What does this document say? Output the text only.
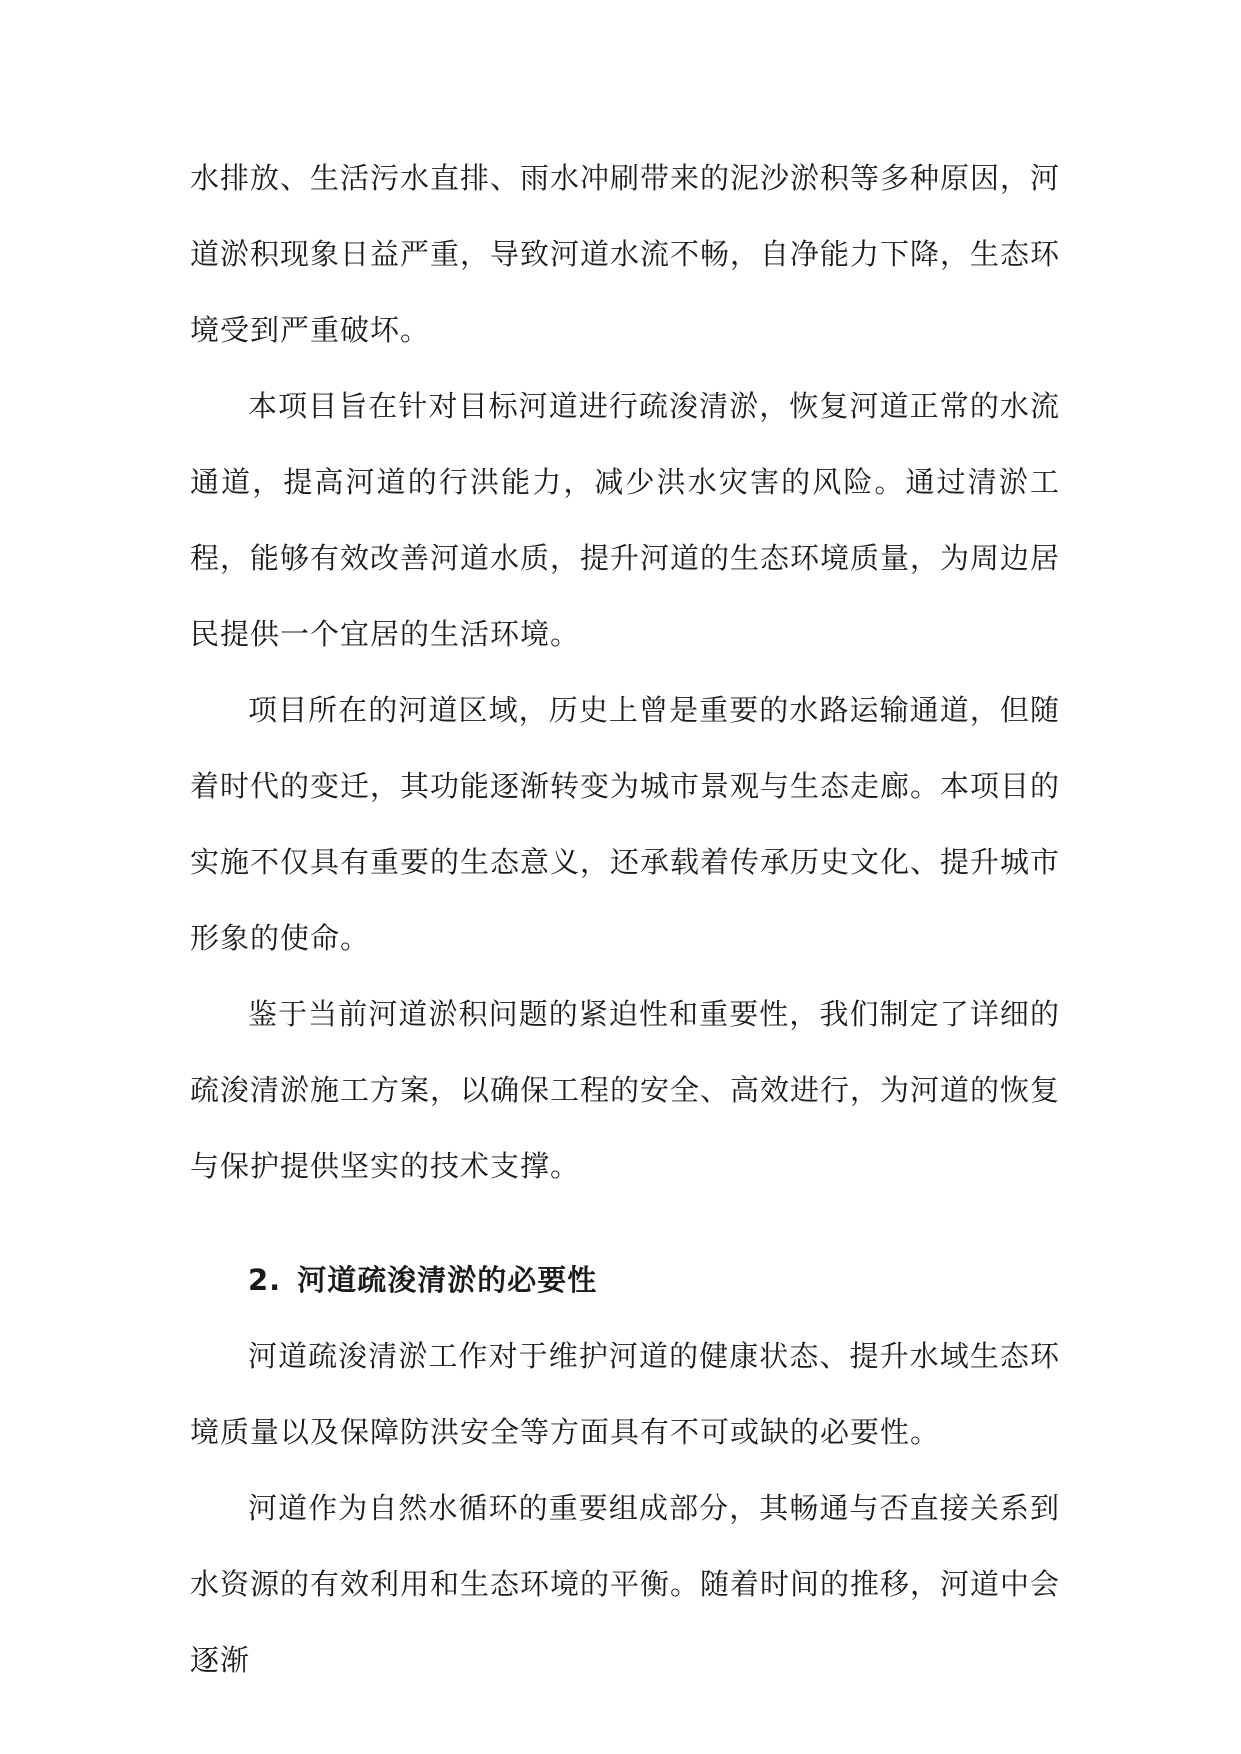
水排放、生活污水直排、雨水冲刷带来的泥沙淤积等多种原因，河道淤积现象日益严重，导致河道水流不畅，自净能力下降，生态环境受到严重破坏。

本项目旨在针对目标河道进行疏浚清淤，恢复河道正常的水流通道，提高河道的行洪能力，减少洪水灾害的风险。通过清淤工程，能够有效改善河道水质，提升河道的生态环境质量，为周边居民提供一个宜居的生活环境。

项目所在的河道区域，历史上曾是重要的水路运输通道，但随着时代的变迁，其功能逐渐转变为城市景观与生态走廊。本项目的实施不仅具有重要的生态意义，还承载着传承历史文化、提升城市形象的使命。

鉴于当前河道淤积问题的紧迫性和重要性，我们制定了详细的疏浚清淤施工方案，以确保工程的安全、高效进行，为河道的恢复与保护提供坚实的技术支撑。

2. 河道疏浚清淤的必要性

河道疏浚清淤工作对于维护河道的健康状态、提升水域生态环境质量以及保障防洪安全等方面具有不可或缺的必要性。

河道作为自然水循环的重要组成部分，其畅通与否直接关系到水资源的有效利用和生态环境的平衡。随着时间的推移，河道中会逐渐
